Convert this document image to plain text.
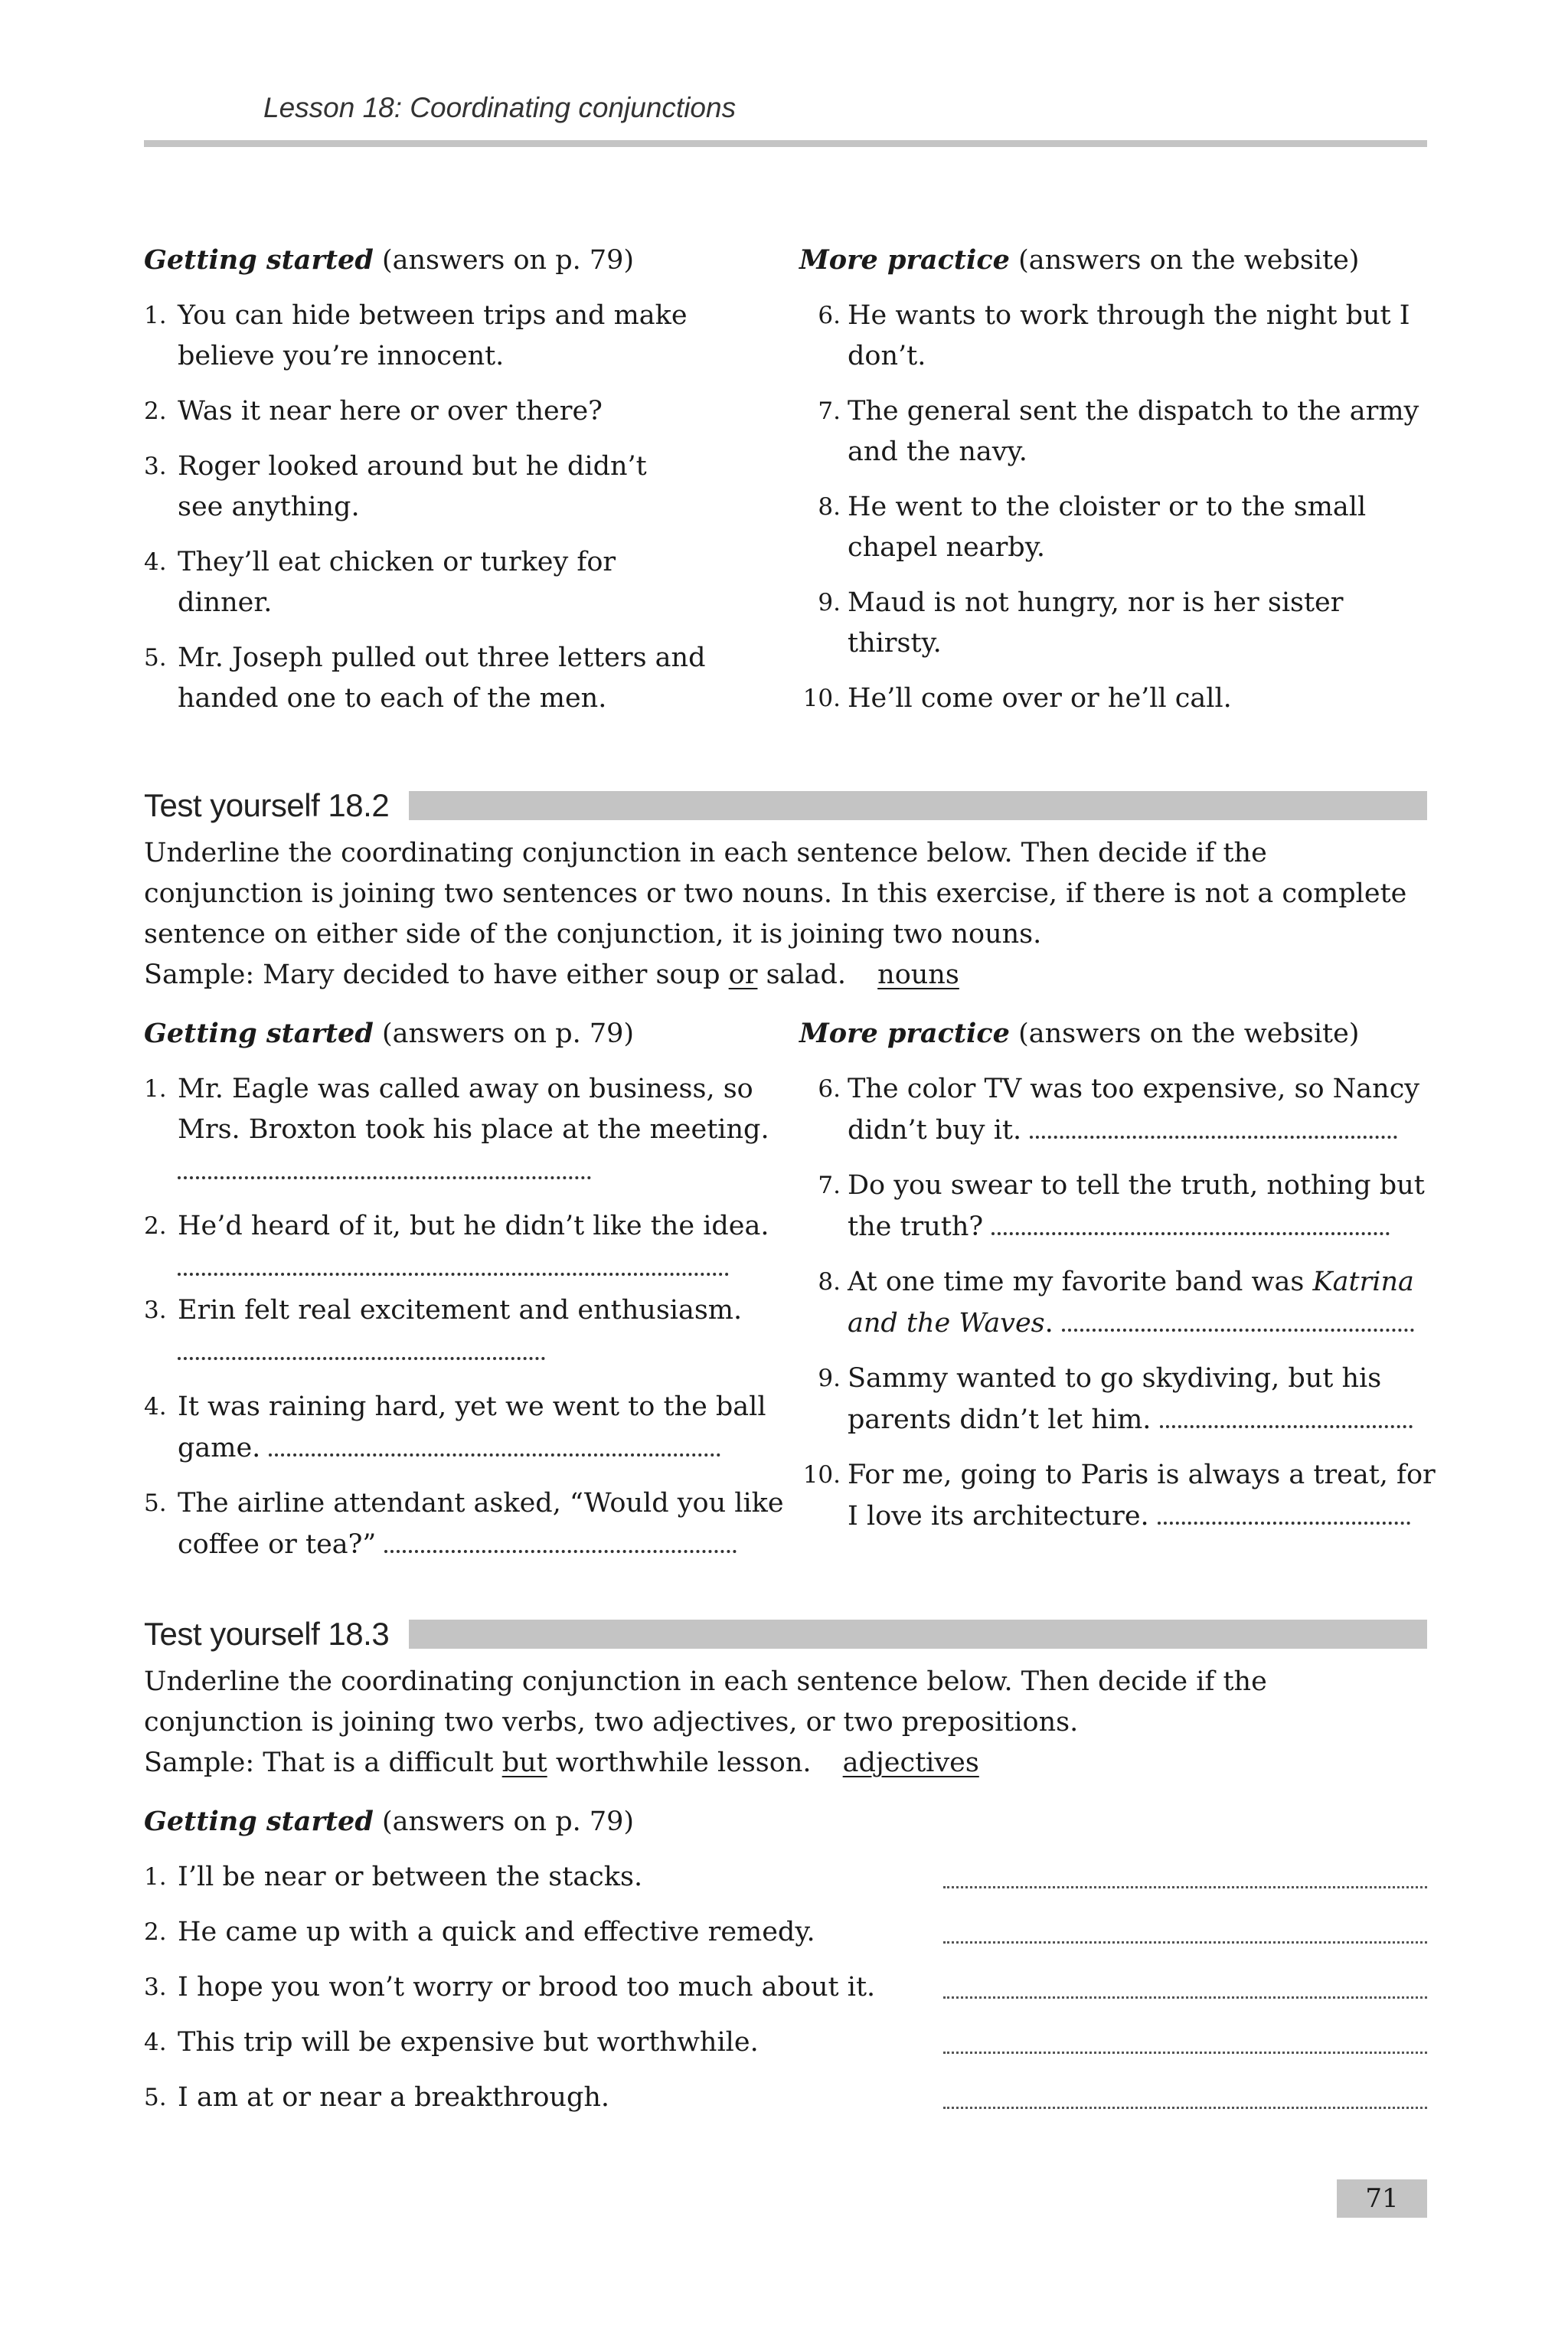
Lesson 18: Coordinating conjunctions
Getting started (answers on p. 79)
1. You can hide between trips and make believe you’re innocent.
2. Was it near here or over there?
3. Roger looked around but he didn’t see anything.
4. They’ll eat chicken or turkey for dinner.
5. Mr. Joseph pulled out three letters and handed one to each of the men.
More practice (answers on the website)
6. He wants to work through the night but I don’t.
7. The general sent the dispatch to the army and the navy.
8. He went to the cloister or to the small chapel nearby.
9. Maud is not hungry, nor is her sister thirsty.
10. He’ll come over or he’ll call.
Test yourself 18.2
Underline the coordinating conjunction in each sentence below. Then decide if the conjunction is joining two sentences or two nouns. In this exercise, if there is not a complete sentence on either side of the conjunction, it is joining two nouns.
Sample: Mary decided to have either soup or salad. nouns
Getting started (answers on p. 79)
1. Mr. Eagle was called away on business, so Mrs. Broxton took his place at the meeting.
2. He’d heard of it, but he didn’t like the idea.
3. Erin felt real excitement and enthusiasm.
4. It was raining hard, yet we went to the ball game.
5. The airline attendant asked, “Would you like coffee or tea?”
More practice (answers on the website)
6. The color TV was too expensive, so Nancy didn’t buy it.
7. Do you swear to tell the truth, nothing but the truth?
8. At one time my favorite band was Katrina and the Waves.
9. Sammy wanted to go skydiving, but his parents didn’t let him.
10. For me, going to Paris is always a treat, for I love its architecture.
Test yourself 18.3
Underline the coordinating conjunction in each sentence below. Then decide if the conjunction is joining two verbs, two adjectives, or two prepositions.
Sample: That is a difficult but worthwhile lesson. adjectives
Getting started (answers on p. 79)
1. I’ll be near or between the stacks.
2. He came up with a quick and effective remedy.
3. I hope you won’t worry or brood too much about it.
4. This trip will be expensive but worthwhile.
5. I am at or near a breakthrough.
71
